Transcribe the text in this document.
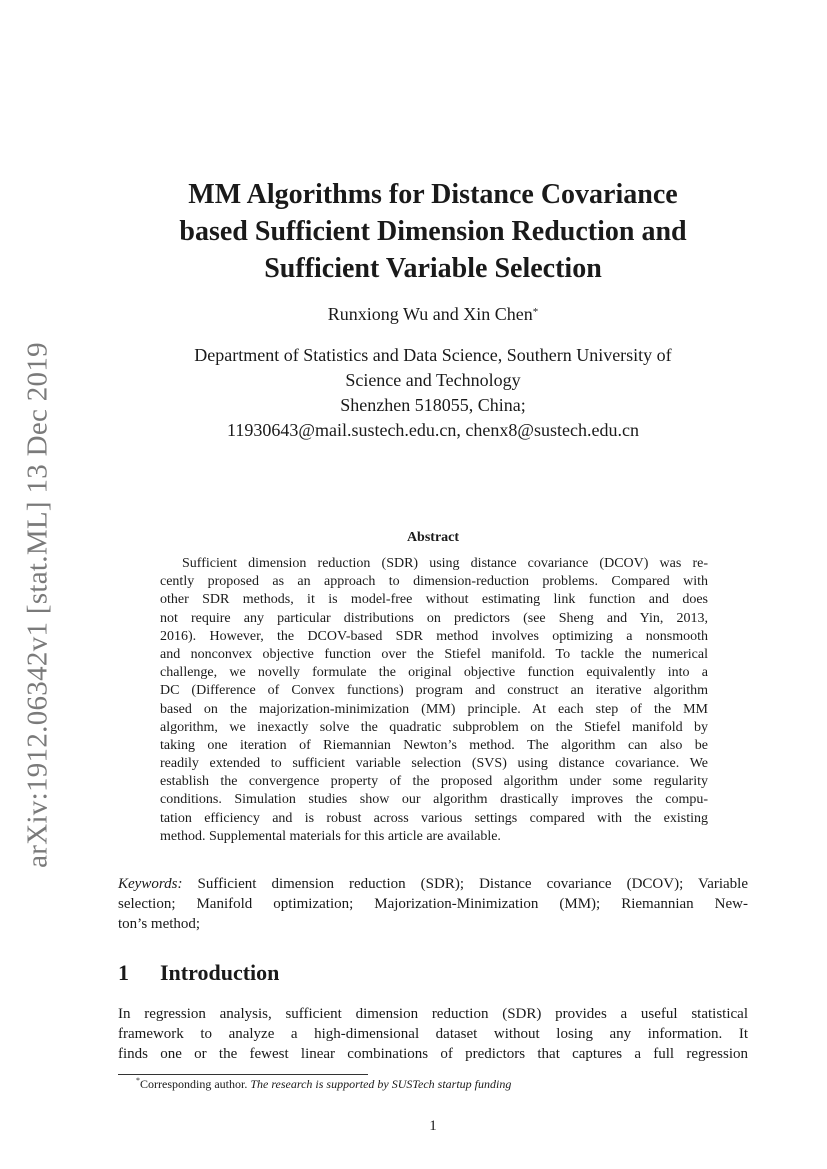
arXiv:1912.06342v1 [stat.ML] 13 Dec 2019
MM Algorithms for Distance Covariance
based Sufficient Dimension Reduction and
Sufficient Variable Selection
Runxiong Wu and Xin Chen*
Department of Statistics and Data Science, Southern University of
Science and Technology
Shenzhen 518055, China;
11930643@mail.sustech.edu.cn, chenx8@sustech.edu.cn
Abstract
Sufficient dimension reduction (SDR) using distance covariance (DCOV) was re-
cently proposed as an approach to dimension-reduction problems. Compared with
other SDR methods, it is model-free without estimating link function and does
not require any particular distributions on predictors (see Sheng and Yin, 2013,
2016). However, the DCOV-based SDR method involves optimizing a nonsmooth
and nonconvex objective function over the Stiefel manifold. To tackle the numerical
challenge, we novelly formulate the original objective function equivalently into a
DC (Difference of Convex functions) program and construct an iterative algorithm
based on the majorization-minimization (MM) principle. At each step of the MM
algorithm, we inexactly solve the quadratic subproblem on the Stiefel manifold by
taking one iteration of Riemannian Newton’s method. The algorithm can also be
readily extended to sufficient variable selection (SVS) using distance covariance. We
establish the convergence property of the proposed algorithm under some regularity
conditions. Simulation studies show our algorithm drastically improves the compu-
tation efficiency and is robust across various settings compared with the existing
method. Supplemental materials for this article are available.
Keywords: Sufficient dimension reduction (SDR); Distance covariance (DCOV); Variable
selection; Manifold optimization; Majorization-Minimization (MM); Riemannian New-
ton’s method;
1 Introduction
In regression analysis, sufficient dimension reduction (SDR) provides a useful statistical
framework to analyze a high-dimensional dataset without losing any information. It
finds one or the fewest linear combinations of predictors that captures a full regression
*Corresponding author. The research is supported by SUSTech startup funding
1
